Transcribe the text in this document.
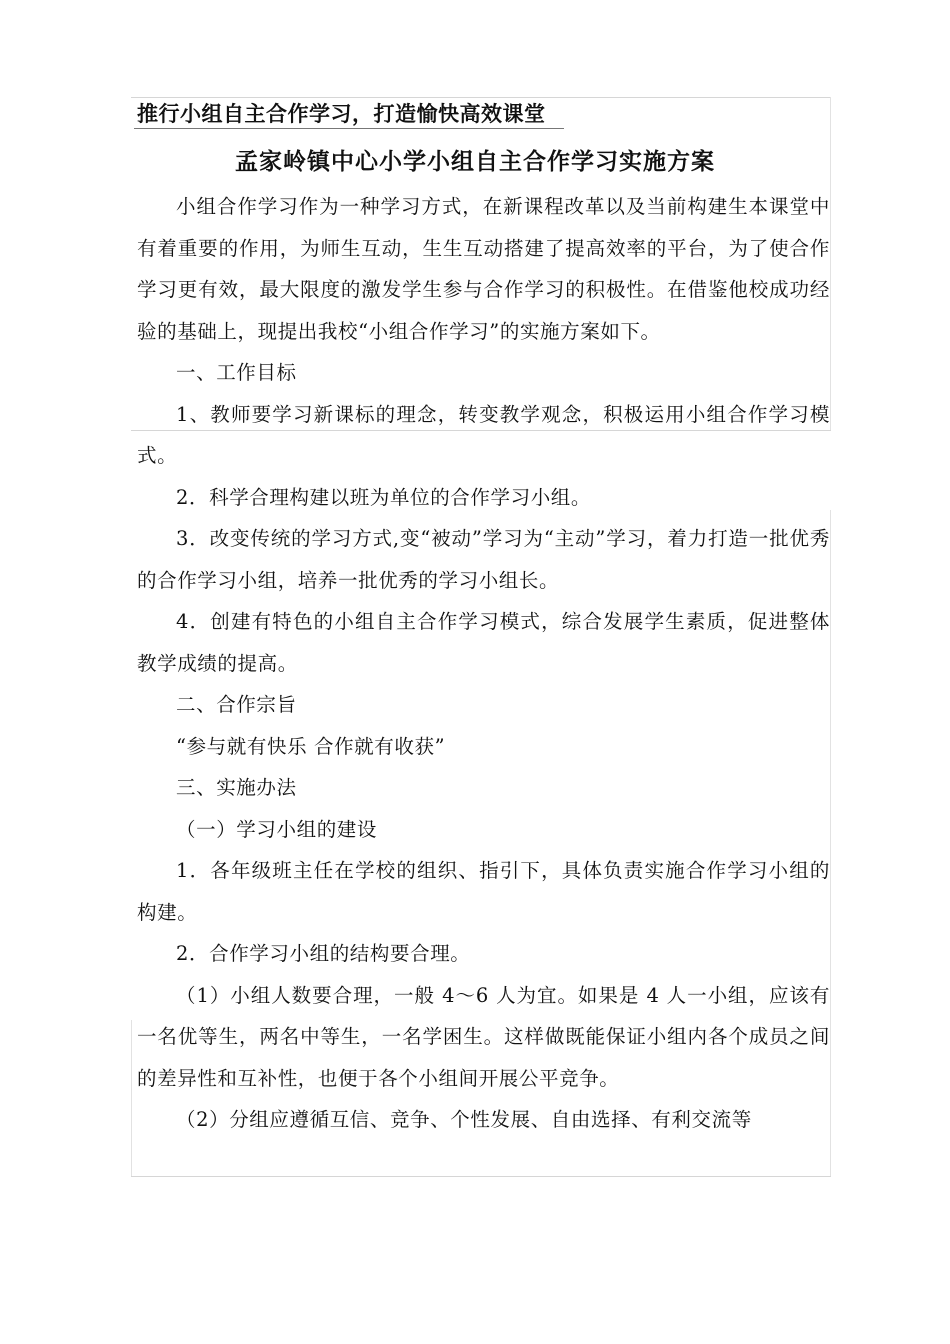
推行小组自主合作学习，打造愉快高效课堂
孟家岭镇中心小学小组自主合作学习实施方案

小组合作学习作为一种学习方式，在新课程改革以及当前构建生本课堂中有着重要的作用，为师生互动，生生互动搭建了提高效率的平台，为了使合作学习更有效，最大限度的激发学生参与合作学习的积极性。在借鉴他校成功经验的基础上，现提出我校“小组合作学习”的实施方案如下。

一、工作目标

1、教师要学习新课标的理念，转变教学观念，积极运用小组合作学习模式。

2．科学合理构建以班为单位的合作学习小组。

3．改变传统的学习方式,变“被动”学习为“主动”学习，着力打造一批优秀的合作学习小组，培养一批优秀的学习小组长。

4．创建有特色的小组自主合作学习模式，综合发展学生素质，促进整体教学成绩的提高。

二、合作宗旨

“参与就有快乐 合作就有收获”

三、实施办法

（一）学习小组的建设

1．各年级班主任在学校的组织、指引下，具体负责实施合作学习小组的构建。

2．合作学习小组的结构要合理。

（1）小组人数要合理，一般 4～6 人为宜。如果是 4 人一小组，应该有一名优等生，两名中等生，一名学困生。这样做既能保证小组内各个成员之间的差异性和互补性，也便于各个小组间开展公平竞争。

（2）分组应遵循互信、竞争、个性发展、自由选择、有利交流等
